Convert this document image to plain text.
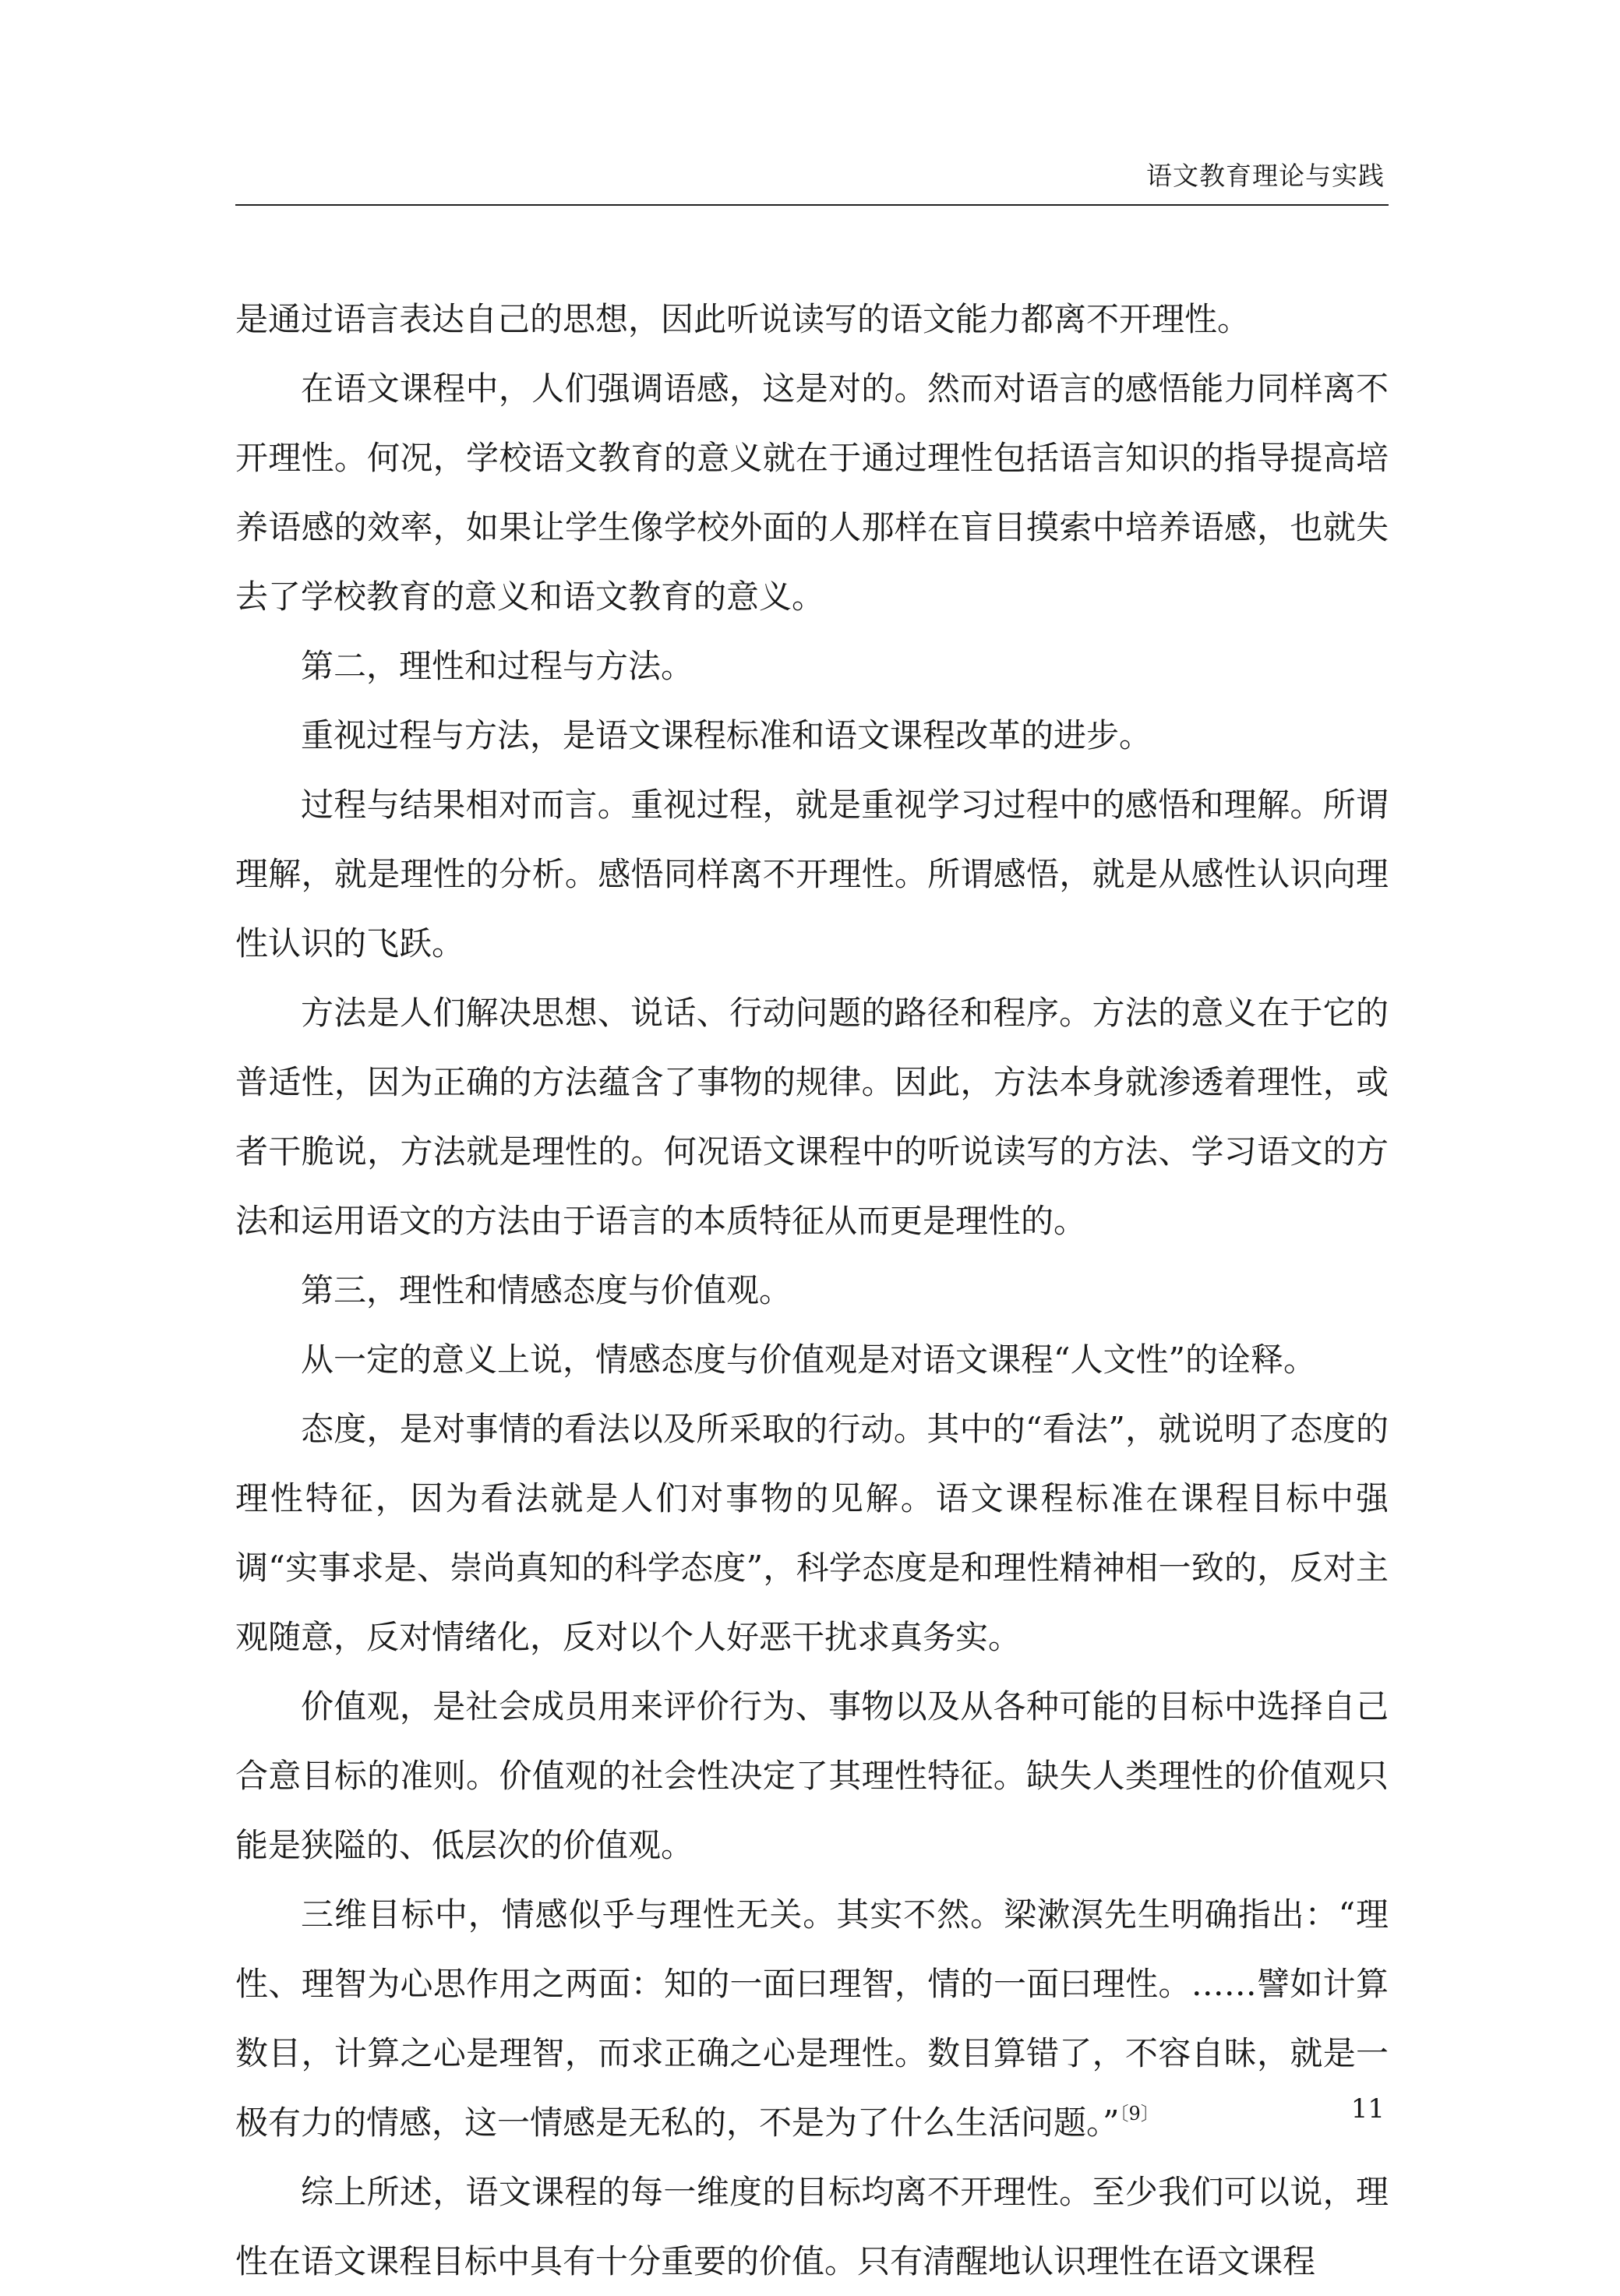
语文教育理论与实践

是通过语言表达自己的思想，因此听说读写的语文能力都离不开理性。

在语文课程中，人们强调语感，这是对的。然而对语言的感悟能力同样离不开理性。何况，学校语文教育的意义就在于通过理性包括语言知识的指导提高培养语感的效率，如果让学生像学校外面的人那样在盲目摸索中培养语感，也就失去了学校教育的意义和语文教育的意义。

第二，理性和过程与方法。

重视过程与方法，是语文课程标准和语文课程改革的进步。

过程与结果相对而言。重视过程，就是重视学习过程中的感悟和理解。所谓理解，就是理性的分析。感悟同样离不开理性。所谓感悟，就是从感性认识向理性认识的飞跃。

方法是人们解决思想、说话、行动问题的路径和程序。方法的意义在于它的普适性，因为正确的方法蕴含了事物的规律。因此，方法本身就渗透着理性，或者干脆说，方法就是理性的。何况语文课程中的听说读写的方法、学习语文的方法和运用语文的方法由于语言的本质特征从而更是理性的。

第三，理性和情感态度与价值观。

从一定的意义上说，情感态度与价值观是对语文课程“人文性”的诠释。

态度，是对事情的看法以及所采取的行动。其中的“看法”，就说明了态度的理性特征，因为看法就是人们对事物的见解。语文课程标准在课程目标中强调“实事求是、崇尚真知的科学态度”，科学态度是和理性精神相一致的，反对主观随意，反对情绪化，反对以个人好恶干扰求真务实。

价值观，是社会成员用来评价行为、事物以及从各种可能的目标中选择自己合意目标的准则。价值观的社会性决定了其理性特征。缺失人类理性的价值观只能是狭隘的、低层次的价值观。

三维目标中，情感似乎与理性无关。其实不然。梁漱溟先生明确指出：“理性、理智为心思作用之两面：知的一面曰理智，情的一面曰理性。……譬如计算数目，计算之心是理智，而求正确之心是理性。数目算错了，不容自昧，就是一极有力的情感，这一情感是无私的，不是为了什么生活问题。”$^{〔9〕}$

综上所述，语文课程的每一维度的目标均离不开理性。至少我们可以说，理性在语文课程目标中具有十分重要的价值。只有清醒地认识理性在语文课程

11
